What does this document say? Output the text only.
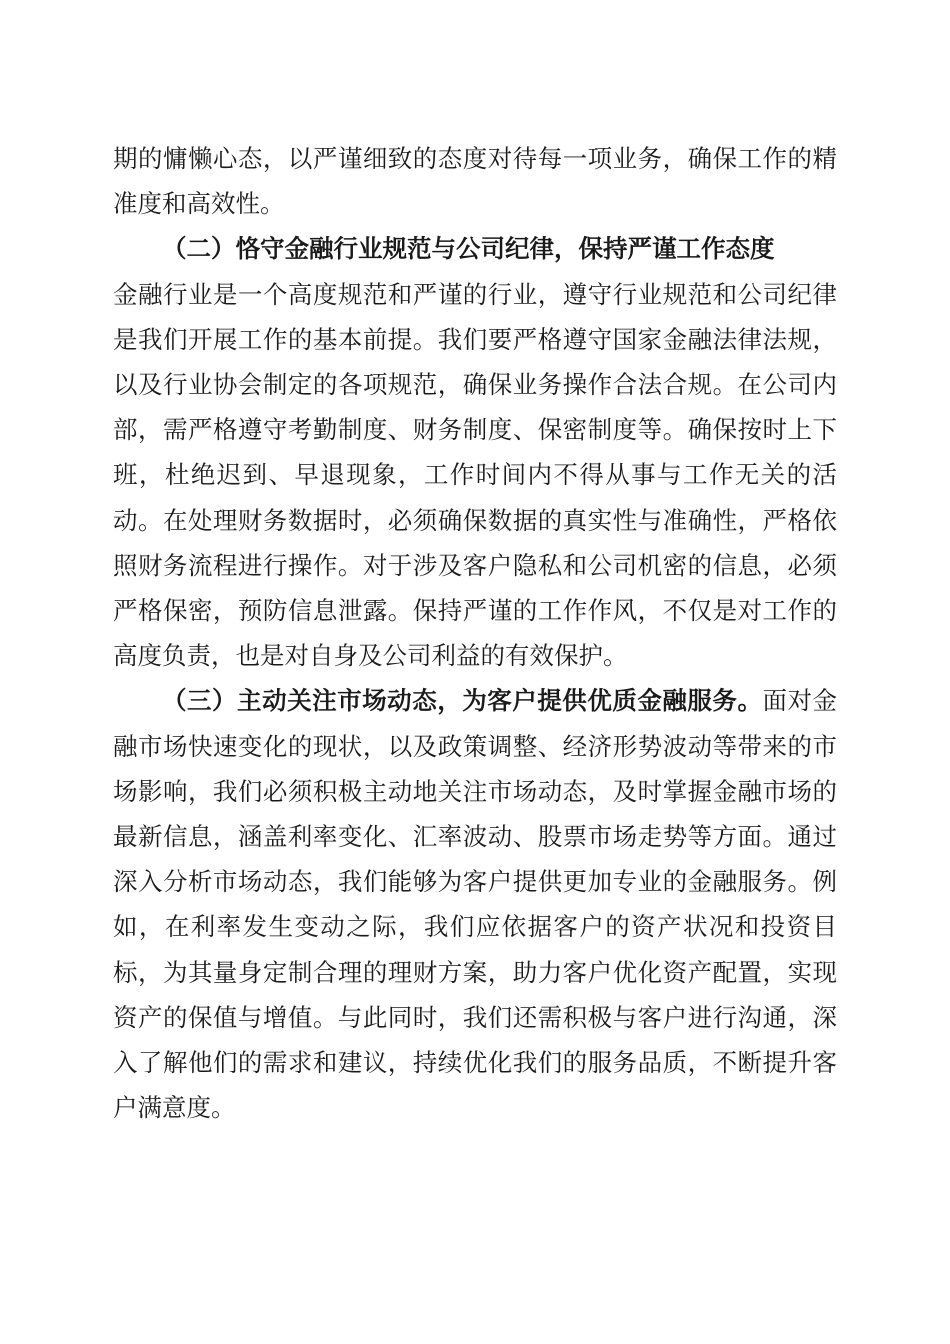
期的慵懒心态，以严谨细致的态度对待每一项业务，确保工作的精准度和高效性。

（二）恪守金融行业规范与公司纪律，保持严谨工作态度

金融行业是一个高度规范和严谨的行业，遵守行业规范和公司纪律是我们开展工作的基本前提。我们要严格遵守国家金融法律法规，以及行业协会制定的各项规范，确保业务操作合法合规。在公司内部，需严格遵守考勤制度、财务制度、保密制度等。确保按时上下班，杜绝迟到、早退现象，工作时间内不得从事与工作无关的活动。在处理财务数据时，必须确保数据的真实性与准确性，严格依照财务流程进行操作。对于涉及客户隐私和公司机密的信息，必须严格保密，预防信息泄露。保持严谨的工作作风，不仅是对工作的高度负责，也是对自身及公司利益的有效保护。

（三）主动关注市场动态，为客户提供优质金融服务。面对金融市场快速变化的现状，以及政策调整、经济形势波动等带来的市场影响，我们必须积极主动地关注市场动态，及时掌握金融市场的最新信息，涵盖利率变化、汇率波动、股票市场走势等方面。通过深入分析市场动态，我们能够为客户提供更加专业的金融服务。例如，在利率发生变动之际，我们应依据客户的资产状况和投资目标，为其量身定制合理的理财方案，助力客户优化资产配置，实现资产的保值与增值。与此同时，我们还需积极与客户进行沟通，深入了解他们的需求和建议，持续优化我们的服务品质，不断提升客户满意度。
